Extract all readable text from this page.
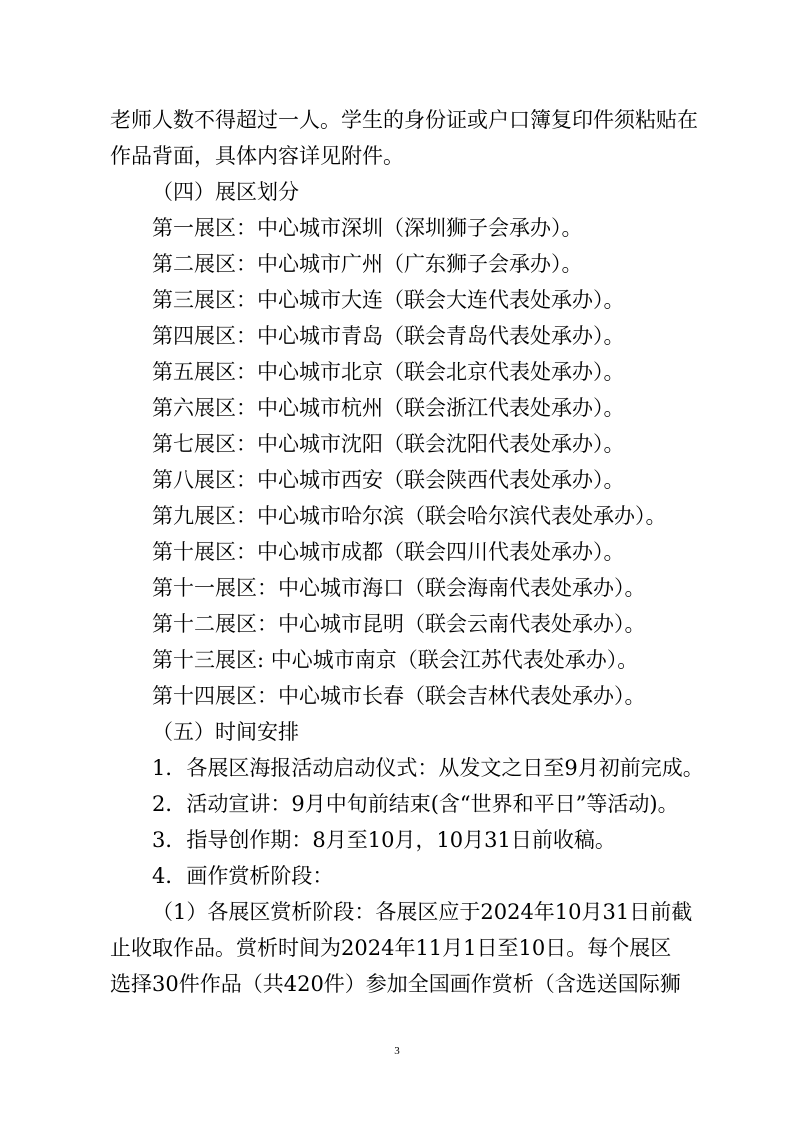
老师人数不得超过一人。学生的身份证或户口簿复印件须粘贴在
作品背面，具体内容详见附件。
（四）展区划分
第一展区：中心城市深圳（深圳狮子会承办）。
第二展区：中心城市广州（广东狮子会承办）。
第三展区：中心城市大连（联会大连代表处承办）。
第四展区：中心城市青岛（联会青岛代表处承办）。
第五展区：中心城市北京（联会北京代表处承办）。
第六展区：中心城市杭州（联会浙江代表处承办）。
第七展区：中心城市沈阳（联会沈阳代表处承办）。
第八展区：中心城市西安（联会陕西代表处承办）。
第九展区：中心城市哈尔滨（联会哈尔滨代表处承办）。
第十展区：中心城市成都（联会四川代表处承办）。
第十一展区：中心城市海口（联会海南代表处承办）。
第十二展区：中心城市昆明（联会云南代表处承办）。
第十三展区: 中心城市南京（联会江苏代表处承办）。
第十四展区：中心城市长春（联会吉林代表处承办）。
（五）时间安排
1．各展区海报活动启动仪式：从发文之日至9月初前完成。
2．活动宣讲：9月中旬前结束(含“世界和平日”等活动)。
3．指导创作期：8月至10月，10月31日前收稿。
4．画作赏析阶段：
（1）各展区赏析阶段：各展区应于2024年10月31日前截
止收取作品。赏析时间为2024年11月1日至10日。每个展区
选择30件作品（共420件）参加全国画作赏析（含选送国际狮
3
